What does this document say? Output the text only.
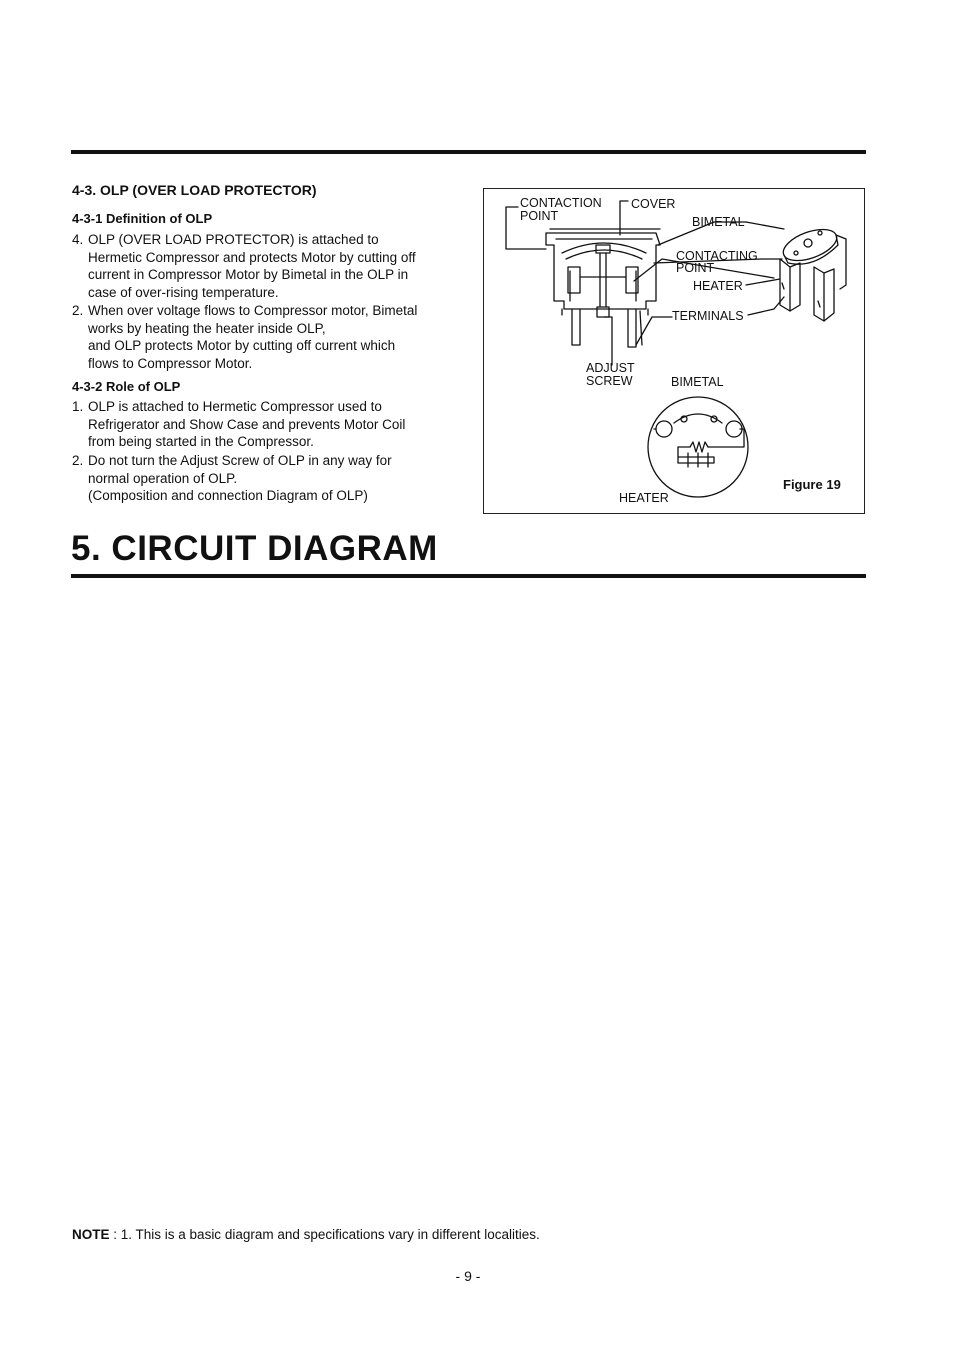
4-3. OLP (OVER LOAD PROTECTOR)
4-3-1 Definition of OLP
4. OLP (OVER LOAD PROTECTOR) is attached to
Hermetic Compressor and protects Motor by cutting off
current in Compressor Motor by Bimetal in the OLP in
case of over-rising temperature.
2. When over voltage flows to Compressor motor, Bimetal
works by heating the heater inside OLP,
and OLP protects Motor by cutting off current which
flows to Compressor Motor.
4-3-2 Role of OLP
1. OLP is attached to Hermetic Compressor used to
Refrigerator and Show Case and prevents Motor Coil
from being started in the Compressor.
2. Do not turn the Adjust Screw of OLP in any way for
normal operation of OLP.
(Composition and connection Diagram of OLP)
CONTACTION
POINT
COVER
BIMETAL
CONTACTING
POINT
HEATER
TERMINALS
ADJUST
SCREW	BIMETAL
HEATER
Figure 19
5. CIRCUIT DIAGRAM
NOTE : 1. This is a basic diagram and specifications vary in different localities.
- 9 -
